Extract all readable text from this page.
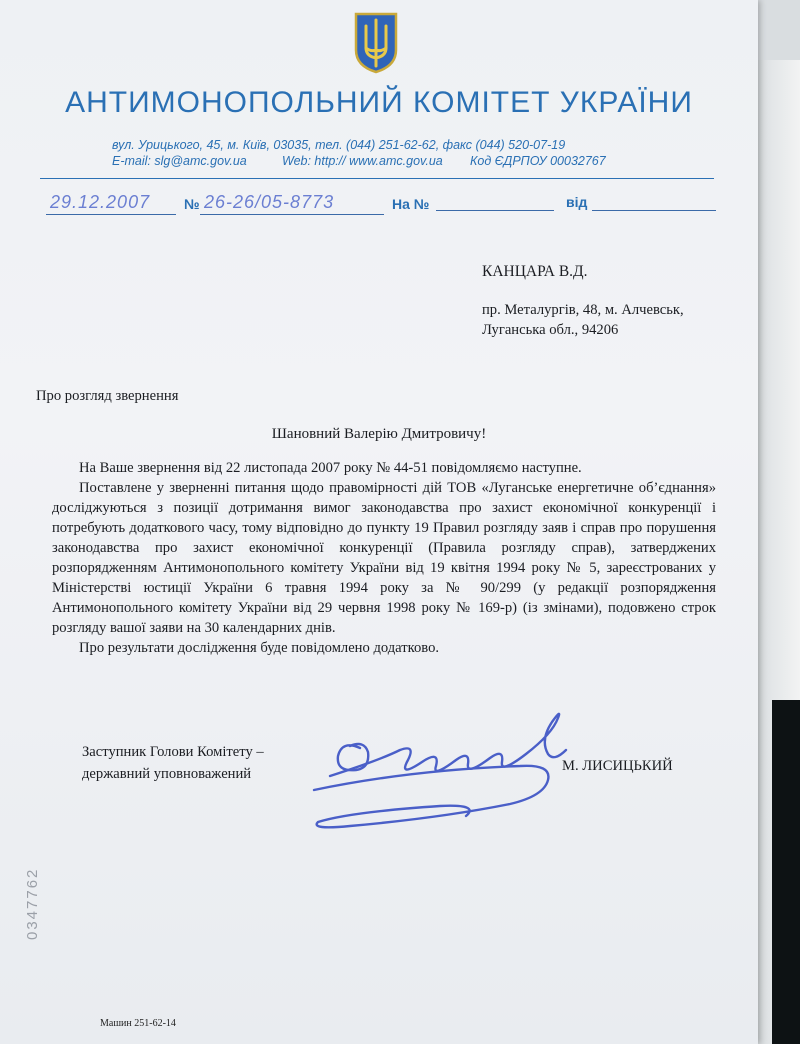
АНТИМОНОПОЛЬНИЙ КОМІТЕТ УКРАЇНИ
вул. Урицького, 45, м. Київ, 03035, тел. (044) 251-62-62, факс (044) 520-07-19
E-mail: slg@amc.gov.ua	Web: http:// www.amc.gov.ua Код ЄДРПОУ 00032767
29.12.2007 № 26-26/05-8773	На №	від
КАНЦАРА В.Д.
пр. Металургів, 48, м. Алчевськ,
Луганська обл., 94206
Про розгляд звернення
Шановний Валерію Дмитровичу!

На Ваше звернення від 22 листопада 2007 року № 44-51 повідомляємо наступне.

Поставлене у зверненні питання щодо правомірності дій ТОВ «Луганське енергетичне об’єднання» досліджуються з позиції дотримання вимог законодавства про захист економічної конкуренції і потребують додаткового часу, тому відповідно до пункту 19 Правил розгляду заяв і справ про порушення законодавства про захист економічної конкуренції (Правила розгляду справ), затверджених розпорядженням Антимонопольного комітету України від 19 квітня 1994 року № 5, зареєстрованих у Міністерстві юстиції України 6 травня 1994 року за № 90/299 (у редакції розпорядження Антимонопольного комітету України від 29 червня 1998 року № 169-р) (із змінами), подовжено строк розгляду вашої заяви на 30 календарних днів.

Про результати дослідження буде повідомлено додатково.

Заступник Голови Комітету –
державний уповноважений	М. ЛИСИЦЬКИЙ
0347762
Машин 251-62-14
